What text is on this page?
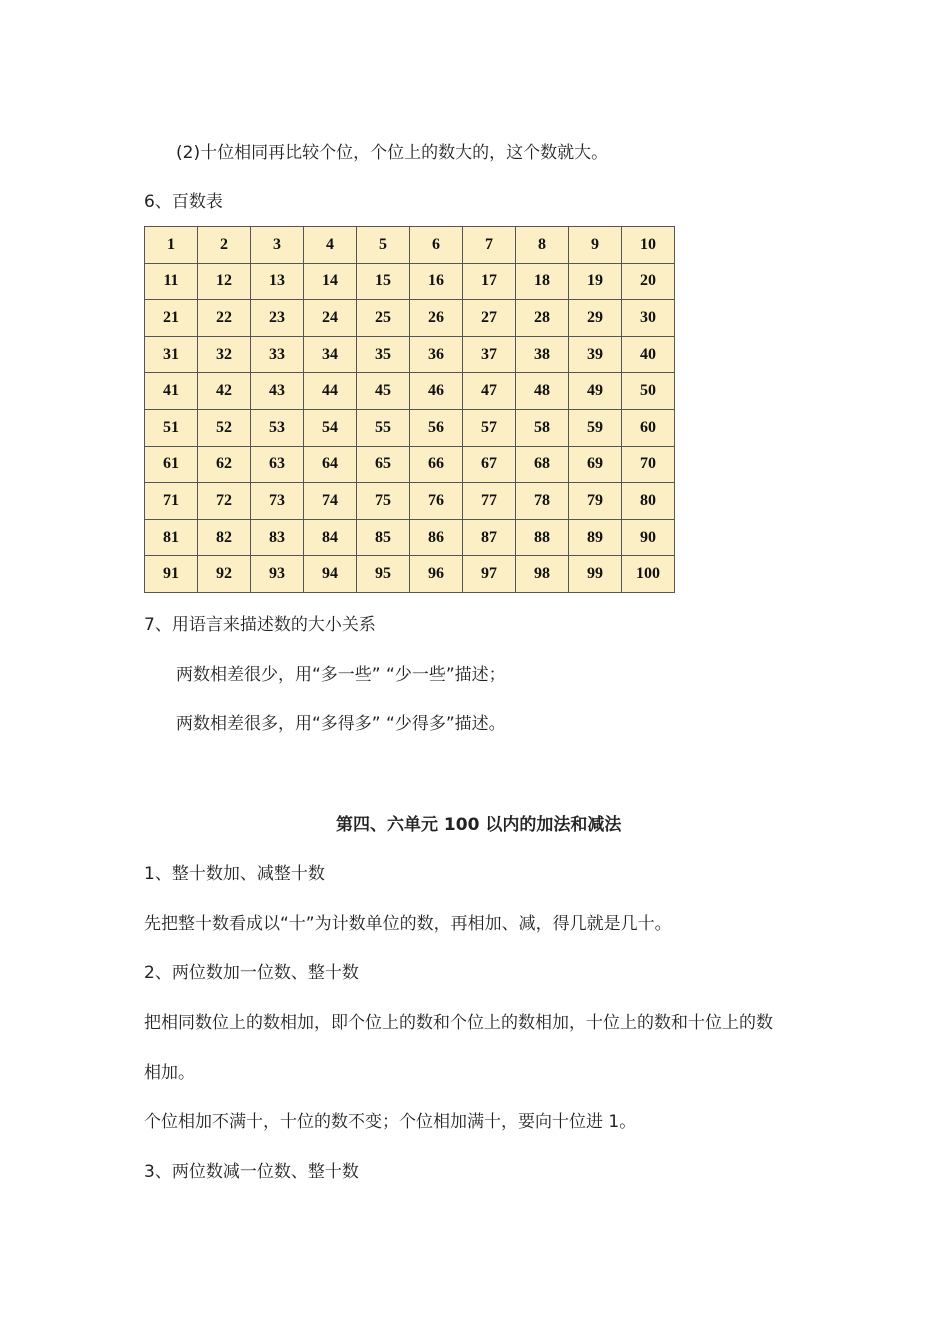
(2)十位相同再比较个位，个位上的数大的，这个数就大。
6、百数表
1	2	3	4	5	6	7	8	9	10
11	12	13	14	15	16	17	18	19	20
21	22	23	24	25	26	27	28	29	30
31	32	33	34	35	36	37	38	39	40
41	42	43	44	45	46	47	48	49	50
51	52	53	54	55	56	57	58	59	60
61	62	63	64	65	66	67	68	69	70
71	72	73	74	75	76	77	78	79	80
81	82	83	84	85	86	87	88	89	90
91	92	93	94	95	96	97	98	99	100
7、用语言来描述数的大小关系
两数相差很少，用“多一些” “少一些”描述；
两数相差很多，用“多得多” “少得多”描述。
第四、六单元 100 以内的加法和减法
1、整十数加、减整十数
先把整十数看成以“十”为计数单位的数，再相加、减，得几就是几十。
2、两位数加一位数、整十数
把相同数位上的数相加，即个位上的数和个位上的数相加，十位上的数和十位上的数
相加。
个位相加不满十，十位的数不变；个位相加满十，要向十位进 1。
3、两位数减一位数、整十数
